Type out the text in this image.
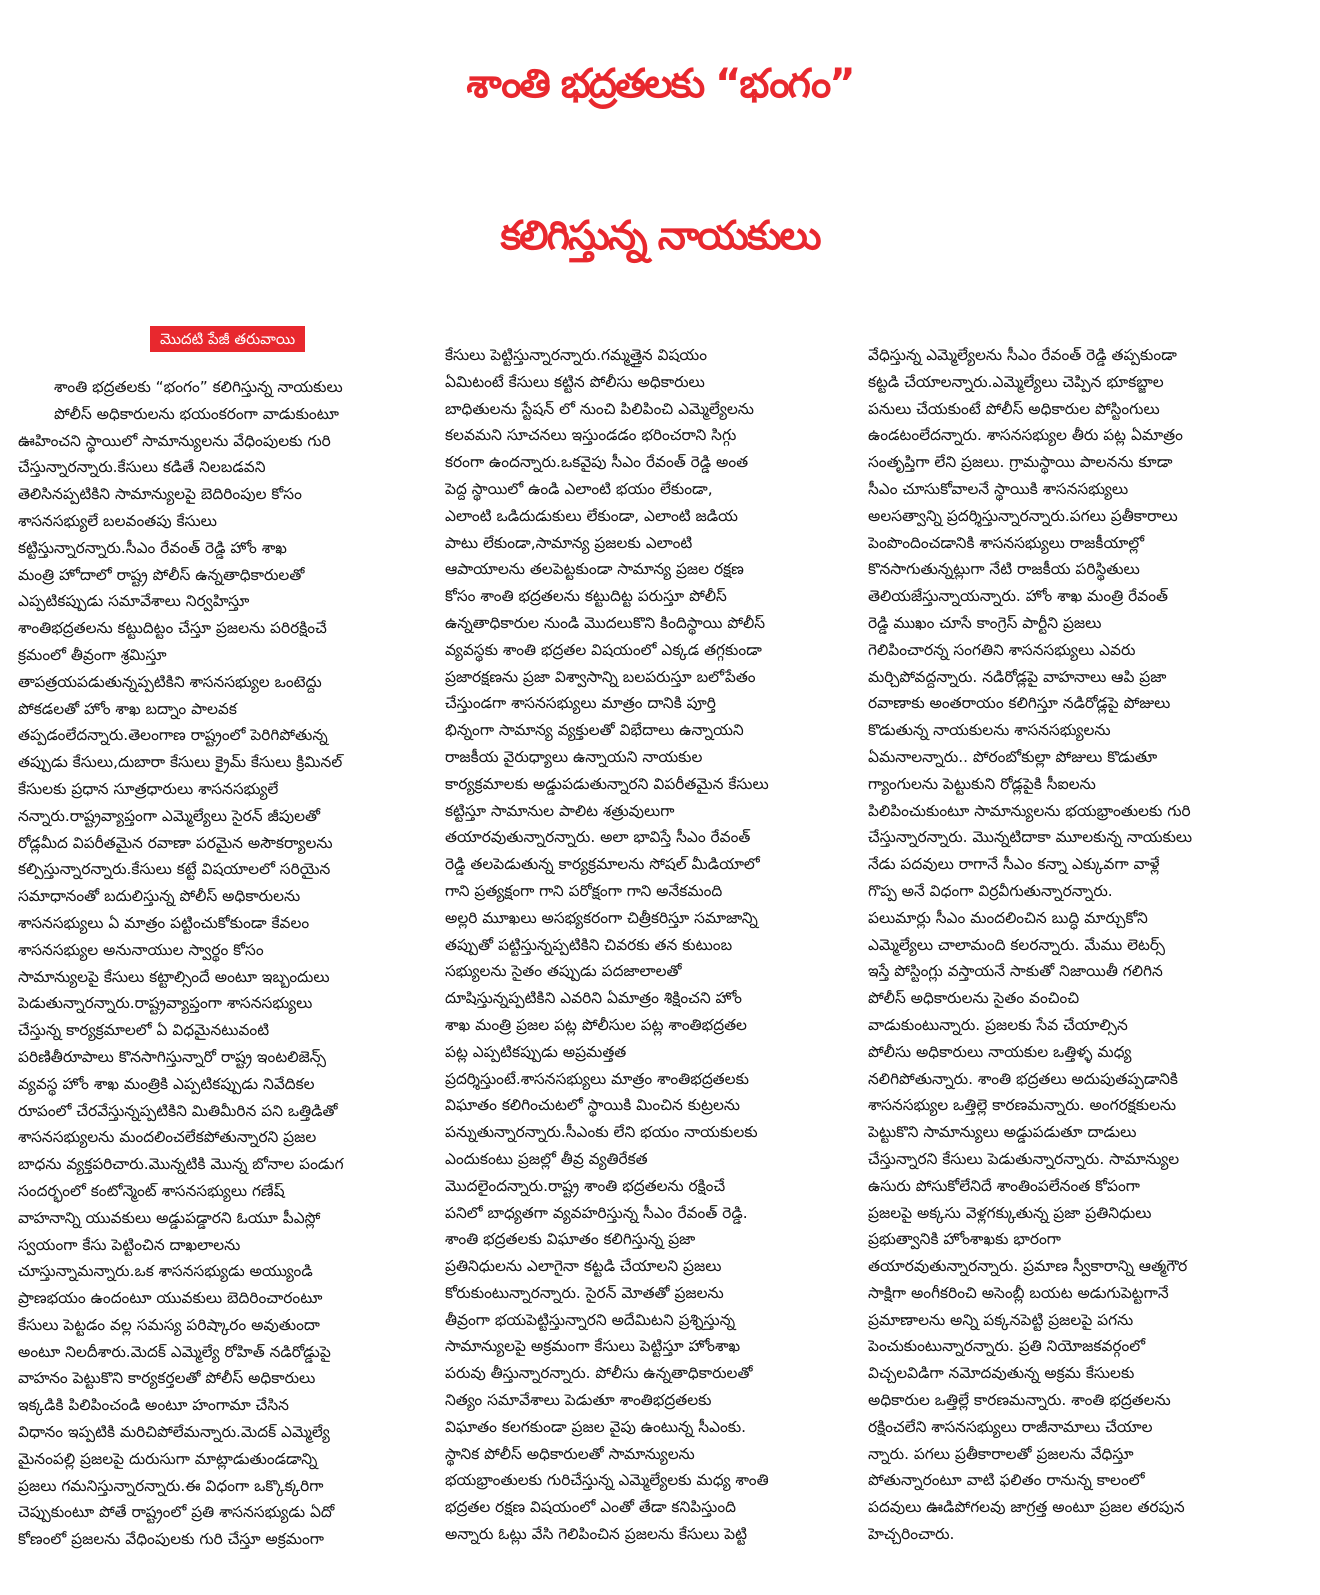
శాంతి భద్రతలకు “భంగం”
కలిగిస్తున్న నాయకులు
మొదటి పేజీ తరువాయి
శాంతి భద్రతలకు “భంగం” కలిగిస్తున్న నాయకులు
పోలీస్ అధికారులను భయంకరంగా వాడుకుంటూ
ఊహించని స్థాయిలో సామాన్యులను వేధింపులకు గురి
చేస్తున్నారన్నారు.కేసులు కడితే నిలబడవని
తెలిసినప్పటికిని సామాన్యులపై బెదిరింపుల కోసం
శాసనసభ్యులే బలవంతపు కేసులు
కట్టిస్తున్నారన్నారు.సీఎం రేవంత్ రెడ్డి హోం శాఖ
మంత్రి హోదాలో రాష్ట్ర పోలీస్ ఉన్నతాధికారులతో
ఎప్పటికప్పుడు సమావేశాలు నిర్వహిస్తూ
శాంతిభద్రతలను కట్టుదిట్టం చేస్తూ ప్రజలను పరిరక్షించే
క్రమంలో తీవ్రంగా శ్రమిస్తూ
తాపత్రయపడుతున్నప్పటికిని శాసనసభ్యుల ఒంటెద్దు
పోకడలతో హోం శాఖ బద్నాం పాలవక
తప్పడంలేదన్నారు.తెలంగాణ రాష్ట్రంలో పెరిగిపోతున్న
తప్పుడు కేసులు,దుబారా కేసులు క్రైమ్ కేసులు క్రిమినల్
కేసులకు ప్రధాన సూత్రధారులు శాసనసభ్యులే
నన్నారు.రాష్ట్రవ్యాప్తంగా ఎమ్మెల్యేలు సైరన్ జీపులతో
రోడ్లమీద విపరీతమైన రవాణా పరమైన అసౌకర్యాలను
కల్పిస్తున్నారన్నారు.కేసులు కట్టే విషయాలలో సరియైన
సమాధానంతో బదులిస్తున్న పోలీస్ అధికారులను
శాసనసభ్యులు ఏ మాత్రం పట్టించుకోకుండా కేవలం
శాసనసభ్యుల అనునాయుల స్వార్థం కోసం
సామాన్యులపై కేసులు కట్టాల్సిందే అంటూ ఇబ్బందులు
పెడుతున్నారన్నారు.రాష్ట్రవ్యాప్తంగా శాసనసభ్యులు
చేస్తున్న కార్యక్రమాలలో ఏ విధమైనటువంటి
పరిణితీరూపాలు కొనసాగిస్తున్నారో రాష్ట్ర ఇంటలిజెన్స్
వ్యవస్థ హోం శాఖ మంత్రికి ఎప్పటికప్పుడు నివేదికల
రూపంలో చేరవేస్తున్నప్పటికిని మితిమీరిన పని ఒత్తిడితో
శాసనసభ్యులను మందలించలేకపోతున్నారని ప్రజల
బాధను వ్యక్తపరిచారు.మొన్నటికి మొన్న బోనాల పండుగ
సందర్భంలో కంటోన్మెంట్ శాసనసభ్యులు గణేష్
వాహనాన్ని యువకులు అడ్డుపడ్డారని ఓయూ పీఎస్లో
స్వయంగా కేసు పెట్టించిన దాఖలాలను
చూస్తున్నామన్నారు.ఒక శాసనసభ్యుడు అయ్యుండి
ప్రాణభయం ఉందంటూ యువకులు బెదిరించారంటూ
కేసులు పెట్టడం వల్ల సమస్య పరిష్కారం అవుతుందా
అంటూ నిలదీశారు.మెదక్ ఎమ్మెల్యే రోహిత్ నడిరోడ్డుపై
వాహనం పెట్టుకొని కార్యకర్తలతో పోలీస్ అధికారులు
ఇక్కడికి పిలిపించండి అంటూ హంగామా చేసిన
విధానం ఇప్పటికి మరిచిపోలేమన్నారు.మెదక్ ఎమ్మెల్యే
మైనంపల్లి ప్రజలపై దురుసుగా మాట్లాడుతుండడాన్ని
ప్రజలు గమనిస్తున్నారన్నారు.ఈ విధంగా ఒక్కొక్కరిగా
చెప్పుకుంటూ పోతే రాష్ట్రంలో ప్రతి శాసనసభ్యుడు ఏదో
కోణంలో ప్రజలను వేధింపులకు గురి చేస్తూ అక్రమంగా
కేసులు పెట్టిస్తున్నారన్నారు.గమ్మత్తైన విషయం
ఏమిటంటే కేసులు కట్టిన పోలీసు అధికారులు
బాధితులను స్టేషన్ లో నుంచి పిలిపించి ఎమ్మెల్యేలను
కలవమని సూచనలు ఇస్తుండడం భరించరాని సిగ్గు
కరంగా ఉందన్నారు.ఒకవైపు సీఎం రేవంత్ రెడ్డి అంత
పెద్ద స్థాయిలో ఉండి ఎలాంటి భయం లేకుండా,
ఎలాంటి ఒడిదుడుకులు లేకుండా, ఎలాంటి జడియ
పాటు లేకుండా,సామాన్య ప్రజలకు ఎలాంటి
ఆపాయాలను తలపెట్టకుండా సామాన్య ప్రజల రక్షణ
కోసం శాంతి భద్రతలను కట్టుదిట్ట పరుస్తూ పోలీస్
ఉన్నతాధికారుల నుండి మొదలుకొని కిందిస్థాయి పోలీస్
వ్యవస్థకు శాంతి భద్రతల విషయంలో ఎక్కడ తగ్గకుండా
ప్రజారక్షణను ప్రజా విశ్వాసాన్ని బలపరుస్తూ బలోపేతం
చేస్తుండగా శాసనసభ్యులు మాత్రం దానికి పూర్తి
భిన్నంగా సామాన్య వ్యక్తులతో విభేదాలు ఉన్నాయని
రాజకీయ వైరుధ్యాలు ఉన్నాయని నాయకుల
కార్యక్రమాలకు అడ్డుపడుతున్నారని విపరీతమైన కేసులు
కట్టిస్తూ సామానుల పాలిట శత్రువులుగా
తయారవుతున్నారన్నారు. అలా భావిస్తే సీఎం రేవంత్
రెడ్డి తలపెడుతున్న కార్యక్రమాలను సోషల్ మీడియాలో
గాని ప్రత్యక్షంగా గాని పరోక్షంగా గాని అనేకమంది
అల్లరి మూఖలు అసభ్యకరంగా చిత్రీకరిస్తూ సమాజాన్ని
తప్పుతో పట్టిస్తున్నప్పటికిని చివరకు తన కుటుంబ
సభ్యులను సైతం తప్పుడు పదజాలాలతో
దూషిస్తున్నప్పటికిని ఎవరిని ఏమాత్రం శిక్షించని హోం
శాఖ మంత్రి ప్రజల పట్ల పోలీసుల పట్ల శాంతిభద్రతల
పట్ల ఎప్పటికప్పుడు అప్రమత్తత
ప్రదర్శిస్తుంటే.శాసనసభ్యులు మాత్రం శాంతిభద్రతలకు
విఘాతం కలిగించుటలో స్థాయికి మించిన కుట్రలను
పన్నుతున్నారన్నారు.సీఎంకు లేని భయం నాయకులకు
ఎందుకంటు ప్రజల్లో తీవ్ర వ్యతిరేకత
మొదలైందన్నారు.రాష్ట్ర శాంతి భద్రతలను రక్షించే
పనిలో బాధ్యతగా వ్యవహరిస్తున్న సీఎం రేవంత్ రెడ్డి.
శాంతి భద్రతలకు విఘాతం కలిగిస్తున్న ప్రజా
ప్రతినిధులను ఎలాగైనా కట్టడి చేయాలని ప్రజలు
కోరుకుంటున్నారన్నారు. సైరన్ మోతతో ప్రజలను
తీవ్రంగా భయపెట్టిస్తున్నారని అదేమిటని ప్రశ్నిస్తున్న
సామాన్యులపై అక్రమంగా కేసులు పెట్టిస్తూ హోంశాఖ
పరువు తీస్తున్నారన్నారు. పోలీసు ఉన్నతాధికారులతో
నిత్యం సమావేశాలు పెడుతూ శాంతిభద్రతలకు
విఘాతం కలగకుండా ప్రజల వైపు ఉంటున్న సీఎంకు.
స్థానిక పోలీస్ అధికారులతో సామాన్యులను
భయభ్రాంతులకు గురిచేస్తున్న ఎమ్మెల్యేలకు మధ్య శాంతి
భద్రతల రక్షణ విషయంలో ఎంతో తేడా కనిపిస్తుంది
అన్నారు ఓట్లు వేసి గెలిపించిన ప్రజలను కేసులు పెట్టి
వేధిస్తున్న ఎమ్మెల్యేలను సీఎం రేవంత్ రెడ్డి తప్పకుండా
కట్టడి చేయాలన్నారు.ఎమ్మెల్యేలు చెప్పిన భూకబ్జాల
పనులు చేయకుంటే పోలీస్ అధికారుల పోస్టింగులు
ఉండటంలేదన్నారు. శాసనసభ్యుల తీరు పట్ల ఏమాత్రం
సంతృప్తిగా లేని ప్రజలు. గ్రామస్థాయి పాలనను కూడా
సీఎం చూసుకోవాలనే స్థాయికి శాసనసభ్యులు
అలసత్వాన్ని ప్రదర్శిస్తున్నారన్నారు.పగలు ప్రతీకారాలు
పెంపొందించడానికి శాసనసభ్యులు రాజకీయాల్లో
కొనసాగుతున్నట్లుగా నేటి రాజకీయ పరిస్థితులు
తెలియజేస్తున్నాయన్నారు. హోం శాఖ మంత్రి రేవంత్
రెడ్డి ముఖం చూసే కాంగ్రెస్ పార్టీని ప్రజలు
గెలిపించారన్న సంగతిని శాసనసభ్యులు ఎవరు
మర్చిపోవద్దన్నారు. నడిరోడ్లపై వాహనాలు ఆపి ప్రజా
రవాణాకు అంతరాయం కలిగిస్తూ నడిరోడ్లపై పోజులు
కొడుతున్న నాయకులను శాసనసభ్యులను
ఏమనాలన్నారు.. పోరంబోకుల్లా పోజులు కొడుతూ
గ్యాంగులను పెట్టుకుని రోడ్లపైకి సీఐలను
పిలిపించుకుంటూ సామాన్యులను భయభ్రాంతులకు గురి
చేస్తున్నారన్నారు. మొన్నటిదాకా మూలకున్న నాయకులు
నేడు పదవులు రాగానే సీఎం కన్నా ఎక్కువగా వాళ్లే
గొప్ప అనే విధంగా విర్రవీగుతున్నారన్నారు.
పలుమార్లు సీఎం మందలించిన బుద్ధి మార్చుకోని
ఎమ్మెల్యేలు చాలామంది కలరన్నారు. మేము లెటర్స్
ఇస్తే పోస్టింగ్లు వస్తాయనే సాకుతో నిజాయితీ గలిగిన
పోలీస్ అధికారులను సైతం వంచించి
వాడుకుంటున్నారు. ప్రజలకు సేవ చేయాల్సిన
పోలీసు అధికారులు నాయకుల ఒత్తిళ్ళ మధ్య
నలిగిపోతున్నారు. శాంతి భద్రతలు అదుపుతప్పడానికి
శాసనసభ్యుల ఒత్తిల్లె కారణమన్నారు. అంగరక్షకులను
పెట్టుకొని సామాన్యులు అడ్డుపడుతూ దాడులు
చేస్తున్నారని కేసులు పెడుతున్నారన్నారు. సామాన్యుల
ఉసురు పోసుకోలేనిదే శాంతింపలేనంత కోపంగా
ప్రజలపై అక్కసు వెళ్లగక్కుతున్న ప్రజా ప్రతినిధులు
ప్రభుత్వానికి హోంశాఖకు భారంగా
తయారవుతున్నారన్నారు. ప్రమాణ స్వీకారాన్ని ఆత్మగౌర
సాక్షిగా అంగీకరించి అసెంబ్లీ బయట అడుగుపెట్టగానే
ప్రమాణాలను అన్ని పక్కనపెట్టి ప్రజలపై పగను
పెంచుకుంటున్నారన్నారు. ప్రతి నియోజకవర్గంలో
విచ్చలవిడిగా నమోదవుతున్న అక్రమ కేసులకు
అధికారుల ఒత్తిల్లే కారణమన్నారు. శాంతి భద్రతలను
రక్షించలేని శాసనసభ్యులు రాజీనామాలు చేయాల
న్నారు. పగలు ప్రతీకారాలతో ప్రజలను వేధిస్తూ
పోతున్నారంటూ వాటి ఫలితం రానున్న కాలంలో
పదవులు ఊడిపోగలవు జాగ్రత్త అంటూ ప్రజల తరపున
హెచ్చరించారు.
